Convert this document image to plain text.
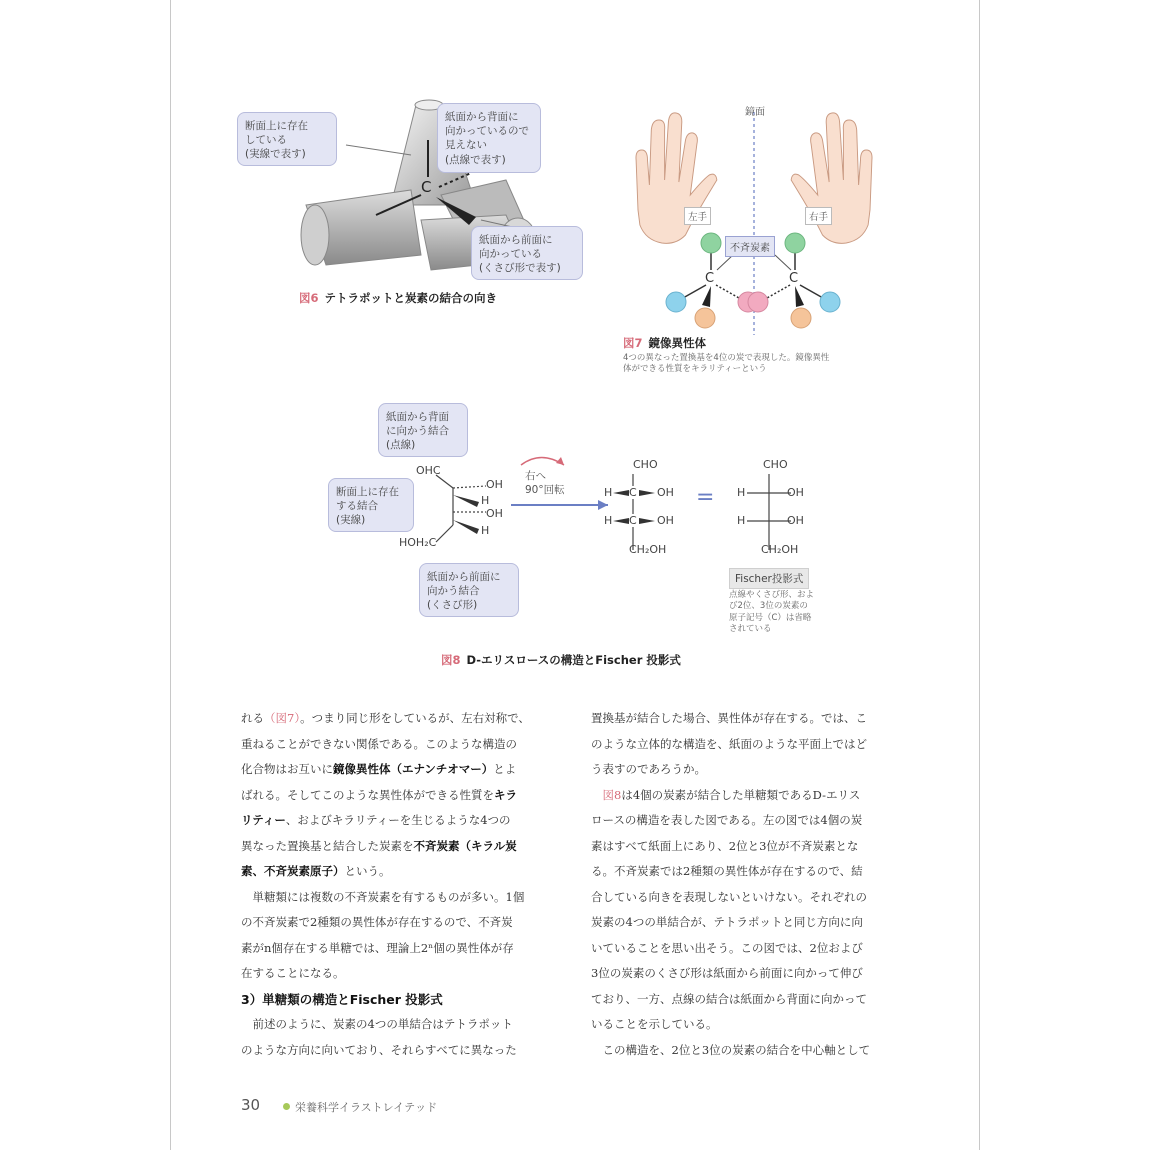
C
断面上に存在
している
(実線で表す)
紙面から背面に
向かっているので
見えない
(点線で表す)
紙面から前面に
向かっている
(くさび形で表す)
図6 テトラポットと炭素の結合の向き
C	C
鏡面
左手	右手
不斉炭素
図7 鏡像異性体
4つの異なった置換基を4位の炭で表現した。鏡像異性
体ができる性質をキラリティーという
紙面から背面
に向かう結合
(点線)
断面上に存在
する結合
(実線)
紙面から前面に
向かう結合
(くさび形)
OHC
OH
H
OH
H
HOH₂C
右へ
90°回転
CHO
H C OH
H C OH
CH₂OH
=
CHO
H	OH
H	OH
CH₂OH
Fischer投影式
点線やくさび形、およ
び2位、3位の炭素の
原子記号（C）は省略
されている
図8 D-エリスロースの構造とFischer 投影式

れる（図7）。つまり同じ形をしているが、左右対称で、

重ねることができない関係である。このような構造の

化合物はお互いに鏡像異性体（エナンチオマー）とよ

ばれる。そしてこのような異性体ができる性質をキラ

リティー、およびキラリティーを生じるような4つの

異なった置換基と結合した炭素を不斉炭素（キラル炭

素、不斉炭素原子）という。

単糖類には複数の不斉炭素を有するものが多い。1個

の不斉炭素で2種類の異性体が存在するので、不斉炭

素がn個存在する単糖では、理論上2ⁿ個の異性体が存

在することになる。

3）単糖類の構造とFischer 投影式

前述のように、炭素の4つの単結合はテトラポット

のような方向に向いており、それらすべてに異なった

置換基が結合した場合、異性体が存在する。では、こ

のような立体的な構造を、紙面のような平面上ではど

う表すのであろうか。

図8は4個の炭素が結合した単糖類であるD-エリス

ロースの構造を表した図である。左の図では4個の炭

素はすべて紙面上にあり、2位と3位が不斉炭素とな

る。不斉炭素では2種類の異性体が存在するので、結

合している向きを表現しないといけない。それぞれの

炭素の4つの単結合が、テトラポットと同じ方向に向

いていることを思い出そう。この図では、2位および

3位の炭素のくさび形は紙面から前面に向かって伸び

ており、一方、点線の結合は紙面から背面に向かって

いることを示している。

この構造を、2位と3位の炭素の結合を中心軸として

30	栄養科学イラストレイテッド
